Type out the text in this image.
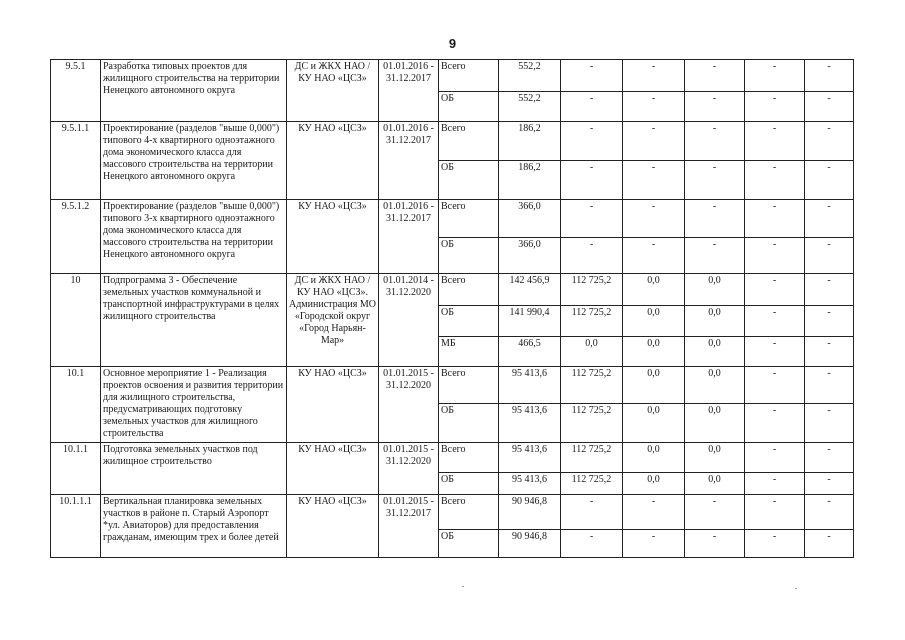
9
9.5.1	Разработка типовых проектов для жилищного строительства на территории Ненецкого автономного округа	ДС и ЖКХ НАО / КУ НАО «ЦСЗ»	01.01.2016 - 31.12.2017	Всего	552,2	-	-	-	-	-
				ОБ	552,2	-	-	-	-	-
9.5.1.1	Проектирование (разделов "выше 0,000") типового 4-х квартирного одноэтажного дома экономического класса для массового строительства на территории Ненецкого автономного округа	КУ НАО «ЦСЗ»	01.01.2016 - 31.12.2017	Всего	186,2	-	-	-	-	-
				ОБ	186,2	-	-	-	-	-
9.5.1.2	Проектирование (разделов "выше 0,000") типового 3-х квартирного одноэтажного дома экономического класса для массового строительства на территории Ненецкого автономного округа	КУ НАО «ЦСЗ»	01.01.2016 - 31.12.2017	Всего	366,0	-	-	-	-	-
				ОБ	366,0	-	-	-	-	-
10	Подпрограмма 3 - Обеспечение земельных участков коммунальной и транспортной инфраструктурами в целях жилищного строительства	ДС и ЖКХ НАО / КУ НАО «ЦСЗ». Администрация МО «Городской округ «Город Нарьян-Мар»	01.01.2014 - 31.12.2020	Всего	142 456,9	112 725,2	0,0	0,0	-	-
				ОБ	141 990,4	112 725,2	0,0	0,0	-	-
				МБ	466,5	0,0	0,0	0,0	-	-
10.1	Основное мероприятие 1 - Реализация проектов освоения и развития территории для жилищного строительства, предусматривающих подготовку земельных участков для жилищного строительства	КУ НАО «ЦСЗ»	01.01.2015 - 31.12.2020	Всего	95 413,6	112 725,2	0,0	0,0	-	-
				ОБ	95 413,6	112 725,2	0,0	0,0	-	-
10.1.1	Подготовка земельных участков под жилищное строительство	КУ НАО «ЦСЗ»	01.01.2015 - 31.12.2020	Всего	95 413,6	112 725,2	0,0	0,0	-	-
				ОБ	95 413,6	112 725,2	0,0	0,0	-	-
10.1.1.1	Вертикальная планировка земельных участков в районе п. Старый Аэропорт *ул. Авиаторов) для предоставления гражданам, имеющим трех и более детей	КУ НАО «ЦСЗ»	01.01.2015 - 31.12.2017	Всего	90 946,8	-	-	-	-	-
				ОБ	90 946,8	-	-	-	-	-
